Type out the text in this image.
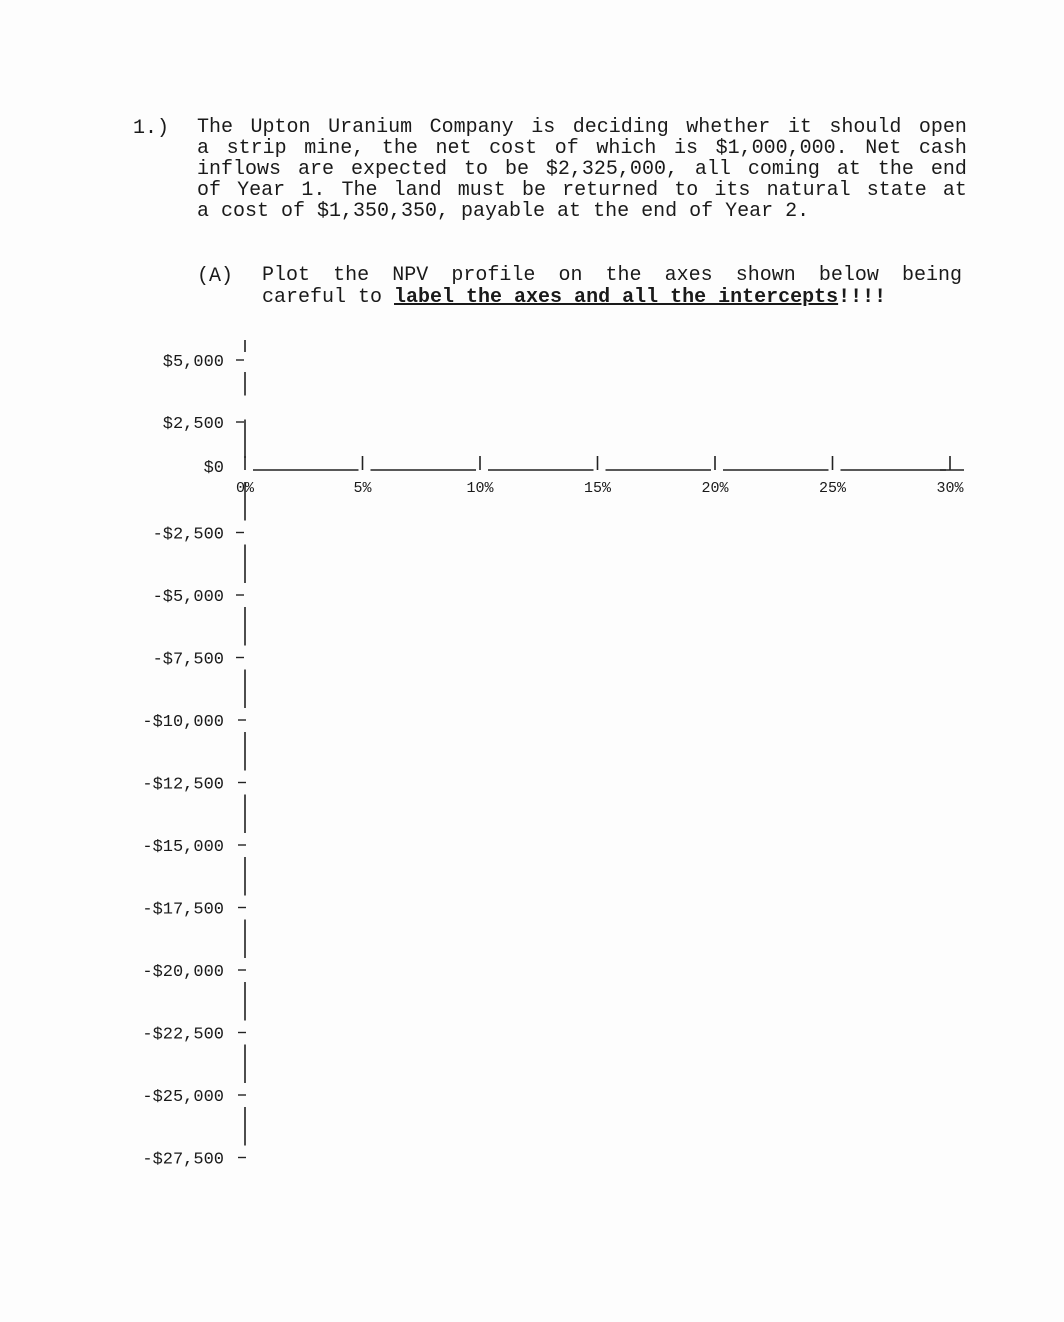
1.) The Upton Uranium Company is deciding whether it should open
a strip mine, the net cost of which is $1,000,000. Net cash
inflows are expected to be $2,325,000, all coming at the end
of Year 1. The land must be returned to its natural state at
a cost of $1,350,350, payable at the end of Year 2.
(A) Plot the NPV profile on the axes shown below being
careful to label the axes and all the intercepts !!!!
$5,000
$2,500
$0
-$2,500
-$5,000
-$7,500
-$10,000
-$12,500
-$15,000
-$17,500
-$20,000
-$22,500
-$25,000
-$27,500
0%	5%	10%	15%	20%	25%	30%
